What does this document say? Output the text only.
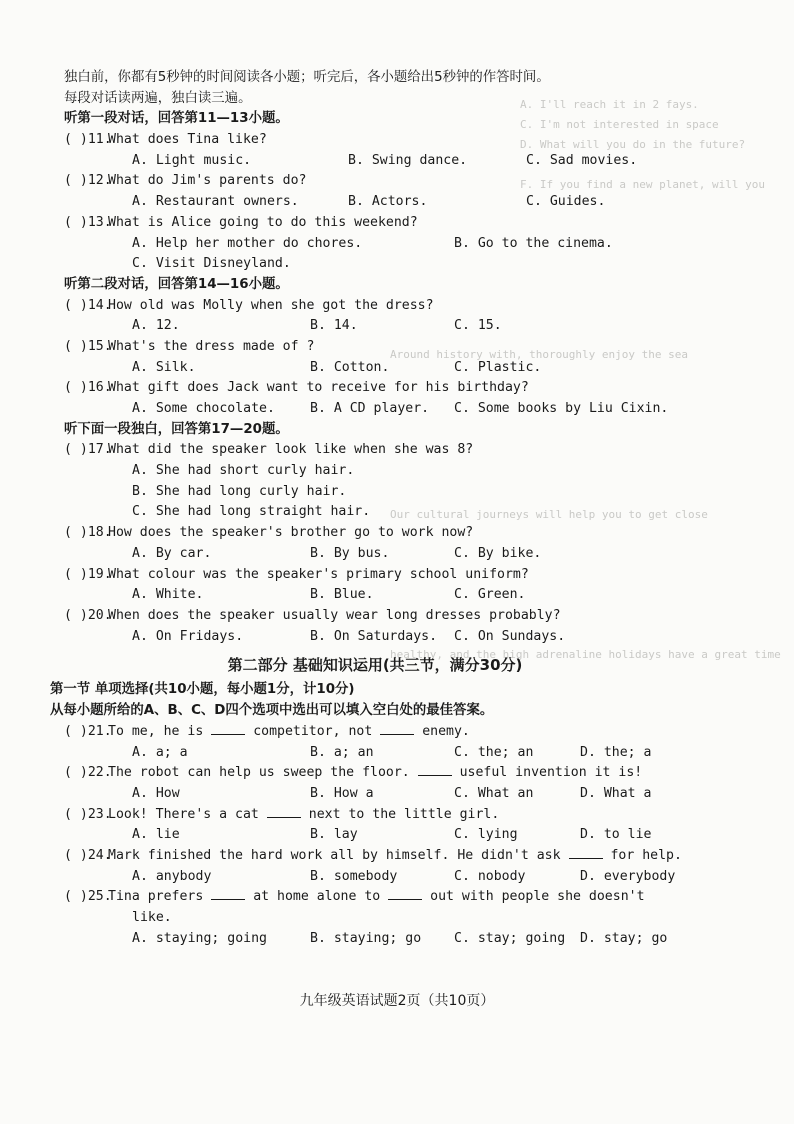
A. I'll reach it in 2 fays.
C. I'm not interested in space
D. What will you do in the future?
F. If you find a new planet, will you
Around history with, thoroughly enjoy the sea
Our cultural journeys will help you to get close
healthy, and the high adrenaline holidays have a great time
独白前，你都有5秒钟的时间阅读各小题；听完后，各小题给出5秒钟的作答时间。
每段对话读两遍，独白读三遍。
听第一段对话，回答第11—13小题。
( )11.
What does Tina like?
A. Light music.	B. Swing dance.	C. Sad movies.
( )12.
What do Jim's parents do?
A. Restaurant owners.	B. Actors.	C. Guides.
( )13.
What is Alice going to do this weekend?
A. Help her mother do chores.	B. Go to the cinema.
C. Visit Disneyland.
听第二段对话，回答第14—16小题。
( )14.
How old was Molly when she got the dress?
A. 12.	B. 14.	C. 15.
( )15.
What's the dress made of ?
A. Silk.	B. Cotton.	C. Plastic.
( )16.
What gift does Jack want to receive for his birthday?
A. Some chocolate.	B. A CD player.	C. Some books by Liu Cixin.
听下面一段独白，回答第17—20题。
( )17.
What did the speaker look like when she was 8?
A. She had short curly hair.
B. She had long curly hair.
C. She had long straight hair.
( )18.
How does the speaker's brother go to work now?
A. By car.	B. By bus.	C. By bike.
( )19.
What colour was the speaker's primary school uniform?
A. White.	B. Blue.	C. Green.
( )20.
When does the speaker usually wear long dresses probably?
A. On Fridays.	B. On Saturdays.	C. On Sundays.
第二部分 基础知识运用(共三节，满分30分)
第一节 单项选择(共10小题，每小题1分，计10分)
从每小题所给的A、B、C、D四个选项中选出可以填入空白处的最佳答案。
( )21.
To me, he is	competitor, not	enemy.
A. a; a	B. a; an	C. the; an	D. the; a
( )22.
The robot can help us sweep the floor.	useful invention it is!
A. How	B. How a	C. What an	D. What a
( )23.
Look! There's a cat	next to the little girl.
A. lie	B. lay	C. lying	D. to lie
( )24.
Mark finished the hard work all by himself. He didn't ask	for help.
A. anybody	B. somebody	C. nobody	D. everybody
( )25.
Tina prefers	at home alone to	out with people she doesn't
like.
A. staying; going	B. staying; go	C. stay; going	D. stay; go
九年级英语试题2页（共10页）
